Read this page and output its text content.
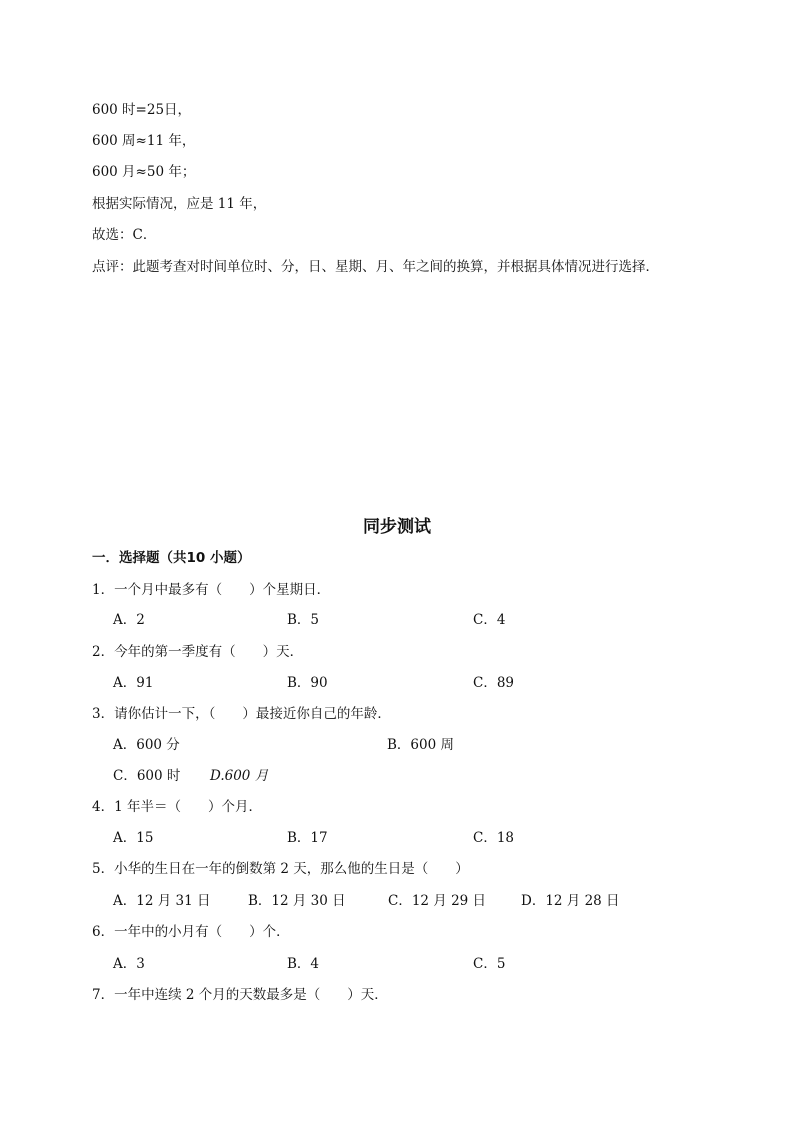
600 时=25日，
600 周≈11 年，
600 月≈50 年；
根据实际情况，应是 11 年，
故选：C．
点评：此题考查对时间单位时、分，日、星期、月、年之间的换算，并根据具体情况进行选择．
同步测试
一．选择题（共10 小题）
1．一个月中最多有（　　）个星期日．
A．2	B．5	C．4
2．今年的第一季度有（　　）天．
A．91	B．90	C．89
3．请你估计一下，（　　）最接近你自己的年龄．
A．600 分	B．600 周
C．600 时 D.600 月
4．1 年半＝（　　）个月．
A．15	B．17	C．18
5．小华的生日在一年的倒数第 2 天，那么他的生日是（　　）
A．12 月 31 日	B．12 月 30 日	C．12 月 29 日	D．12 月 28 日
6．一年中的小月有（　　）个．
A．3	B．4	C．5
7．一年中连续 2 个月的天数最多是（　　）天．
